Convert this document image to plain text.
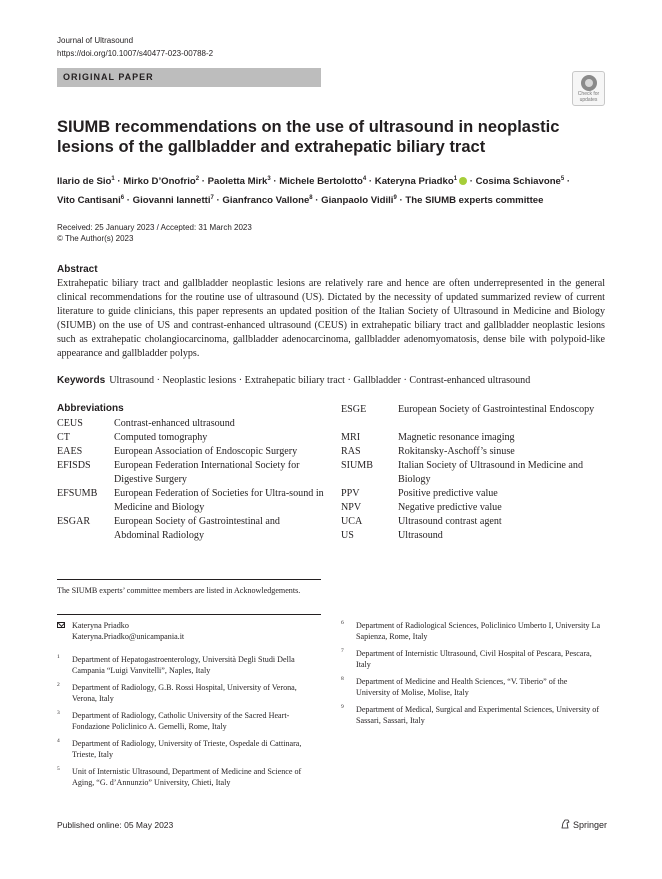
Journal of Ultrasound
https://doi.org/10.1007/s40477-023-00788-2
ORIGINAL PAPER
Check for
updates
SIUMB recommendations on the use of ultrasound in neoplastic lesions of the gallbladder and extrahepatic biliary tract
Ilario de Sio$^1$ · Mirko D’Onofrio$^2$ · Paoletta Mirk$^3$ · Michele Bertolotto$^4$ · Kateryna Priadko$^1$ · Cosima Schiavone$^5$ ·
Vito Cantisani$^6$ · Giovanni Iannetti$^7$ · Gianfranco Vallone$^8$ · Gianpaolo Vidili$^9$ · The SIUMB experts committee
Received: 25 January 2023 / Accepted: 31 March 2023
© The Author(s) 2023
Abstract
Extrahepatic biliary tract and gallbladder neoplastic lesions are relatively rare and hence are often underrepresented in the general clinical recommendations for the routine use of ultrasound (US). Dictated by the necessity of updated summarized review of current literature to guide clinicians, this paper represents an updated position of the Italian Society of Ultrasound in Medicine and Biology (SIUMB) on the use of US and contrast-enhanced ultrasound (CEUS) in extrahepatic biliary tract and gallbladder neoplastic lesions such as extrahepatic cholangiocarcinoma, gallbladder adenocarcinoma, gallbladder adenomyomatosis, dense bile with polypoid-like appearance and gallbladder polyps.
Keywords Ultrasound · Neoplastic lesions · Extrahepatic biliary tract · Gallbladder · Contrast-enhanced ultrasound
Abbreviations
CEUS	Contrast-enhanced ultrasound
CT	Computed tomography
EAES	European Association of Endoscopic Surgery
EFISDS European Federation International Society for Digestive Surgery
EFSUMB European Federation of Societies for Ultra-sound in Medicine and Biology
ESGAR European Society of Gastrointestinal and Abdominal Radiology
ESGE	European Society of Gastrointestinal Endoscopy
MRI	Magnetic resonance imaging
RAS	Rokitansky-Aschoff’s sinuse
SIUMB Italian Society of Ultrasound in Medicine and Biology
PPV	Positive predictive value
NPV	Negative predictive value
UCA	Ultrasound contrast agent
US	Ultrasound
The SIUMB experts’ committee members are listed in Acknowledgements.
Kateryna Priadko
Kateryna.Priadko@unicampania.it
1 Department of Hepatogastroenterology, Università Degli Studi Della Campania “Luigi Vanvitelli”, Naples, Italy
2 Department of Radiology, G.B. Rossi Hospital, University of Verona, Verona, Italy
3 Department of Radiology, Catholic University of the Sacred Heart-Fondazione Policlinico A. Gemelli, Rome, Italy
4 Department of Radiology, University of Trieste, Ospedale di Cattinara, Trieste, Italy
5 Unit of Internistic Ultrasound, Department of Medicine and Science of Aging, “G. d’Annunzio” University, Chieti, Italy
6 Department of Radiological Sciences, Policlinico Umberto I, University La Sapienza, Rome, Italy
7 Department of Internistic Ultrasound, Civil Hospital of Pescara, Pescara, Italy
8 Department of Medicine and Health Sciences, “V. Tiberio” of the University of Molise, Molise, Italy
9 Department of Medical, Surgical and Experimental Sciences, University of Sassari, Sassari, Italy
Published online: 05 May 2023	Springer
